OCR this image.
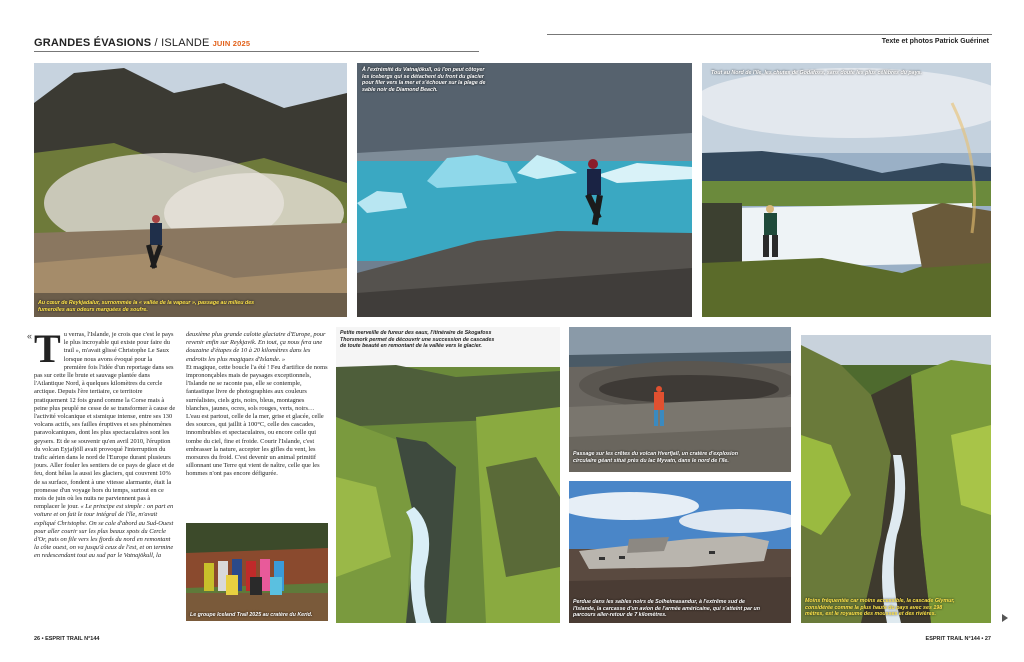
GRANDES ÉVASIONS / ISLANDE JUIN 2025	Texte et photos Patrick Guérinet
Au cœur de Reykjadalur, surnommée la « vallée de la vapeur », passage au milieu des fumerolles aux odeurs marquées de soufre.
À l'extrémité du Vatnajökull, où l'on peut côtoyer les icebergs qui se détachent du front du glacier pour filer vers la mer et s'échouer sur la plage de sable noir de Diamond Beach.
Tout au Nord de l'île, les chutes de Godafoss, sans doute les plus célèbres du pays.
« T u verras, l'Islande, je crois que c'est le pays le plus incroyable qui existe pour faire du trail », m'avait glissé Christophe Le Saux lorsque nous avons évoqué pour la première fois l'idée d'un reportage dans ses pas sur cette île brute et sauvage plantée dans l'Atlantique Nord, à quelques kilomètres du cercle arctique. Depuis l'ère tertiaire, ce territoire pratiquement 12 fois grand comme la Corse mais à peine plus peuplé ne cesse de se transformer à cause de l'activité volcanique et sismique intense, entre ses 130 volcans actifs, ses failles éruptives et ses phénomènes paravolcaniques, dont les plus spectaculaires sont les geysers. Et de se souvenir qu'en avril 2010, l'éruption du volcan Eyjafjöll avait provoqué l'interruption du trafic aérien dans le nord de l'Europe durant plusieurs jours. Aller fouler les sentiers de ce pays de glace et de feu, dont hélas la aussi les glaciers, qui couvrent 10% de sa surface, fondent à une vitesse alarmante, était la promesse d'un voyage hors du temps, surtout en ce mois de juin où les nuits ne parviennent pas à remplacer le jour. « Le principe est simple : on part en voiture et on fait le tour intégral de l'île, m'avait expliqué Christophe. On se cale d'abord au Sud-Ouest pour aller courir sur les plus beaux spots du Cercle d'Or, puis on file vers les fjords du nord en remontant la côte ouest, on va jusqu'à ceux de l'est, et on termine en redescendant tout au sud par le Vatnajökull, la
deuxième plus grande calotte glaciaire d'Europe, pour revenir enfin sur Reykjavik. En tout, ça nous fera une douzaine d'étapes de 10 à 20 kilomètres dans les endroits les plus magiques d'Islande. »
Et magique, cette boucle l'a été ! Feu d'artifice de noms imprononçables mais de paysages exceptionnels, l'Islande ne se raconte pas, elle se contemple, fantastique livre de photographies aux couleurs surréalistes, ciels gris, noirs, bleus, montagnes blanches, jaunes, ocres, sols rouges, verts, noirs… L'eau est partout, celle de la mer, grise et glacée, celle des sources, qui jaillit à 100°C, celle des cascades, innombrables et spectaculaires, ou encore celle qui tombe du ciel, fine et froide. Courir l'Islande, c'est embrasser la nature, accepter les gifles du vent, les morsures du froid. C'est devenir un animal primitif sillonnant une Terre qui vient de naître, celle que les hommes n'ont pas encore défigurée.
Le groupe Iceland Trail 2025 au cratère du Kerid.
Petite merveille de fureur des eaux, l'itinéraire de Skogafoss Thorsmork permet de découvrir une succession de cascades de toute beauté en remontant de la vallée vers le glacier.
Passage sur les crêtes du volcan Hverfjall, un cratère d'explosion circulaire géant situé près du lac Myvatn, dans le nord de l'île.
Perdue dans les sables noirs de Solheimasandur, à l'extrême sud de l'Islande, la carcasse d'un avion de l'armée américaine, qui s'atteint par un parcours aller-retour de 7 kilomètres.
Moins fréquentée car moins accessible, la cascade Glymur, considérée comme la plus haute du pays avec ses 198 mètres, est le royaume des mousses et des rivières.
26 • ESPRIT TRAIL N°144	ESPRIT TRAIL N°144 • 27
